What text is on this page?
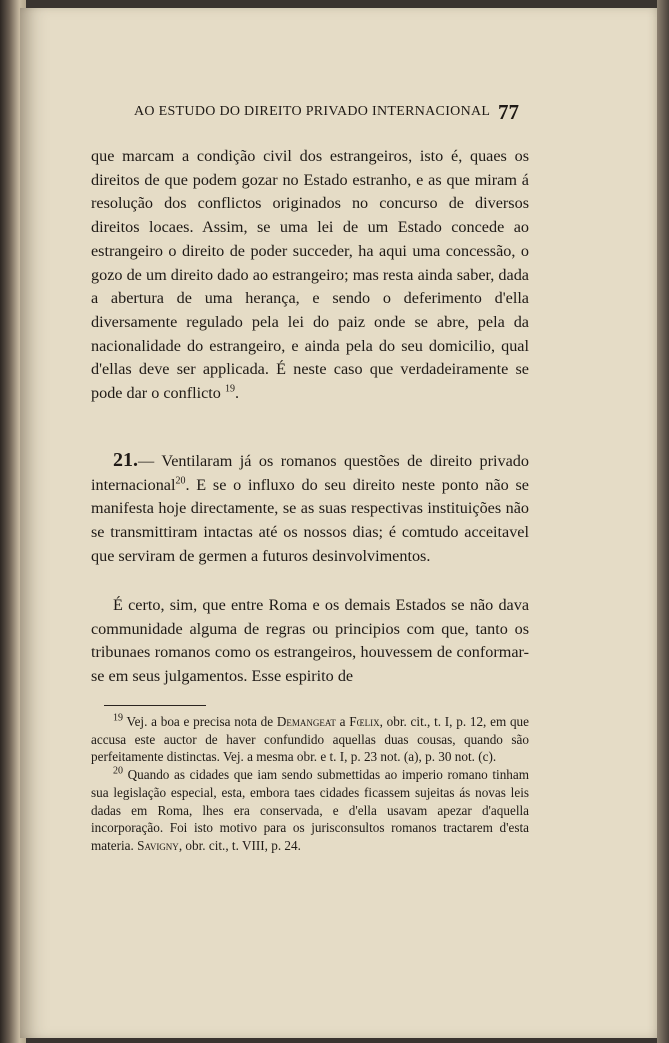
AO ESTUDO DO DIREITO PRIVADO INTERNACIONAL 77

que marcam a condição civil dos estrangeiros, isto é, quaes os direitos de que podem gozar no Estado estranho, e as que miram á resolução dos conflictos originados no concurso de diversos direitos locaes. Assim, se uma lei de um Estado concede ao estrangeiro o direito de poder succeder, ha aqui uma concessão, o gozo de um direito dado ao estrangeiro; mas resta ainda saber, dada a abertura de uma herança, e sendo o deferimento d'ella diversamente regulado pela lei do paiz onde se abre, pela da nacionalidade do estrangeiro, e ainda pela do seu domicilio, qual d'ellas deve ser applicada. É neste caso que verdadeiramente se pode dar o conflicto $^{19}$.

21.— Ventilaram já os romanos questões de direito privado internacional$^{20}$. E se o influxo do seu direito neste ponto não se manifesta hoje directamente, se as suas respectivas instituições não se transmittiram intactas até os nossos dias; é comtudo acceitavel que serviram de germen a futuros desinvolvimentos.

É certo, sim, que entre Roma e os demais Estados se não dava communidade alguma de regras ou principios com que, tanto os tribunaes romanos como os estrangeiros, houvessem de conformar-se em seus julgamentos. Esse espirito de

$^{19}$ Vej. a boa e precisa nota de Demangeat a Fœlix, obr. cit., t. I, p. 12, em que accusa este auctor de haver confundido aquellas duas cousas, quando são perfeitamente distinctas. Vej. a mesma obr. e t. I, p. 23 not. (a), p. 30 not. (c).

$^{20}$ Quando as cidades que iam sendo submettidas ao imperio romano tinham sua legislação especial, esta, embora taes cidades ficassem sujeitas ás novas leis dadas em Roma, lhes era conservada, e d'ella usavam apezar d'aquella incorporação. Foi isto motivo para os jurisconsultos romanos tractarem d'esta materia. Savigny, obr. cit., t. VIII, p. 24.
